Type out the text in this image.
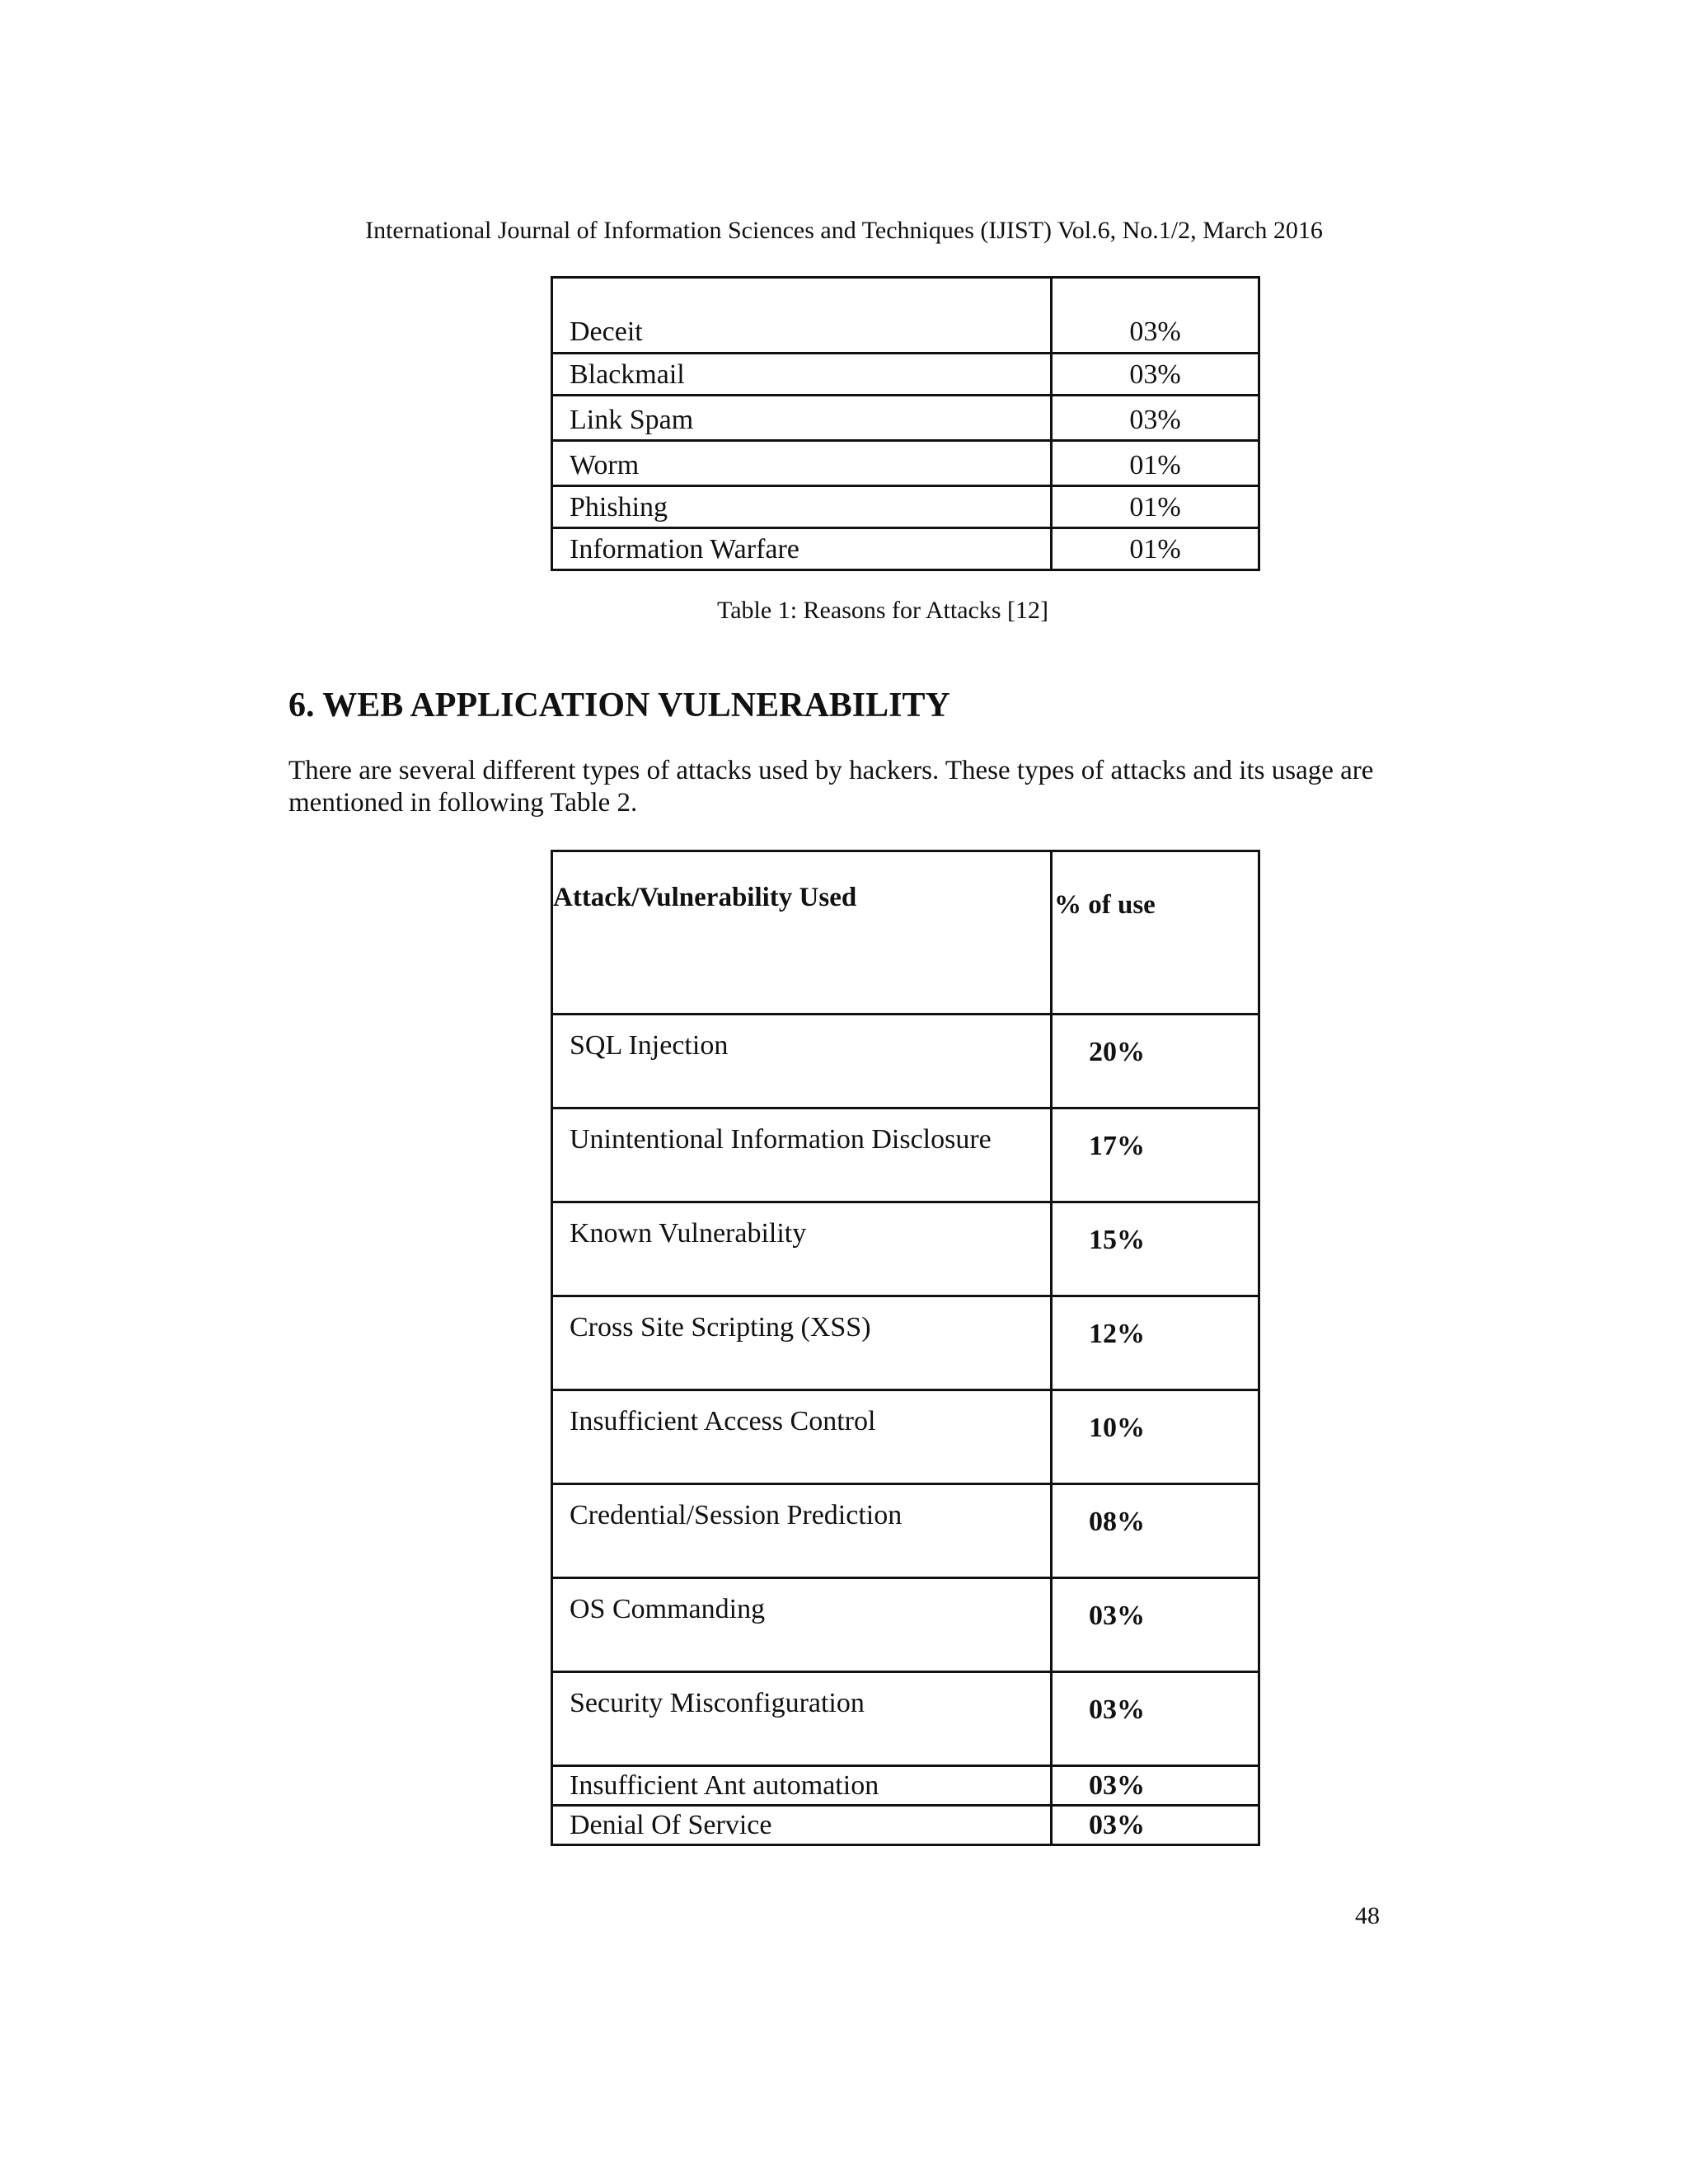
International Journal of Information Sciences and Techniques (IJIST) Vol.6, No.1/2, March 2016
Deceit	03%
Blackmail	03%
Link Spam	03%
Worm	01%
Phishing	01%
Information Warfare	01%
Table 1: Reasons for Attacks [12]
6. WEB APPLICATION VULNERABILITY

There are several different types of attacks used by hackers. These types of attacks and its usage are mentioned in following Table 2.

Attack/Vulnerability Used	% of use
SQL Injection	20%
Unintentional Information Disclosure	17%
Known Vulnerability	15%
Cross Site Scripting (XSS)	12%
Insufficient Access Control	10%
Credential/Session Prediction	08%
OS Commanding	03%
Security Misconfiguration	03%
Insufficient Ant automation	03%
Denial Of Service	03%
48
